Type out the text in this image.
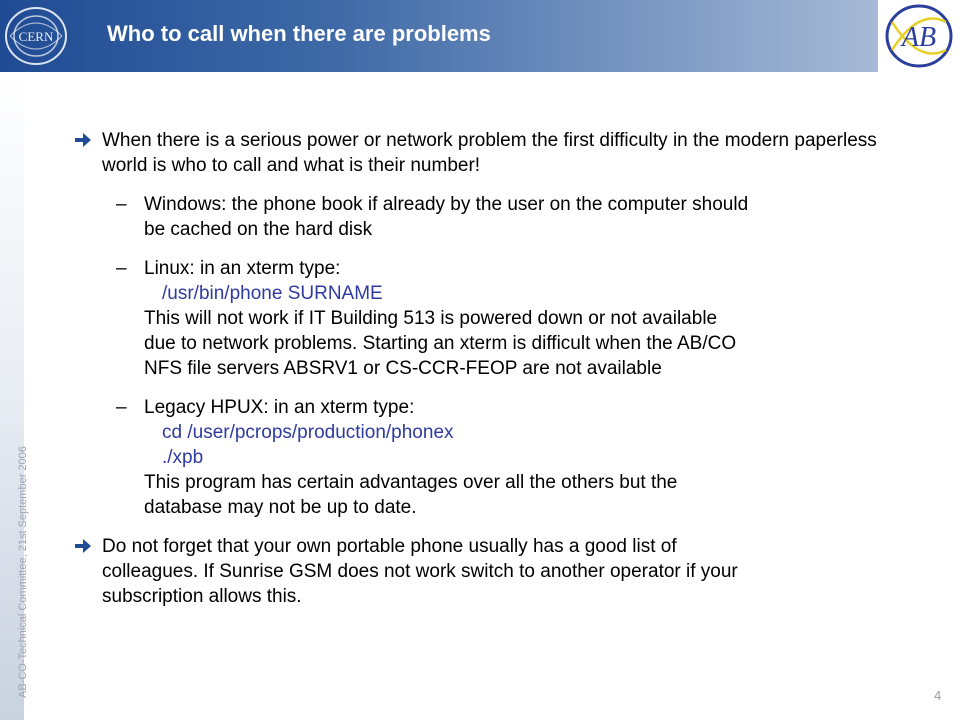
CERN	AB
Who to call when there are problems
AB-CO-Technical Committee, 21st September 2006	4
When there is a serious power or network problem the first difficulty in the modern paperless world is who to call and what is their number!
– Windows: the phone book if already by the user on the computer should
be cached on the hard disk
– Linux: in an xterm type:
/usr/bin/phone SURNAME
This will not work if IT Building 513 is powered down or not available
due to network problems. Starting an xterm is difficult when the AB/CO
NFS file servers ABSRV1 or CS-CCR-FEOP are not available
– Legacy HPUX: in an xterm type:
cd /user/pcrops/production/phonex
./xpb
This program has certain advantages over all the others but the
database may not be up to date.
Do not forget that your own portable phone usually has a good list of
colleagues. If Sunrise GSM does not work switch to another operator if your
subscription allows this.
